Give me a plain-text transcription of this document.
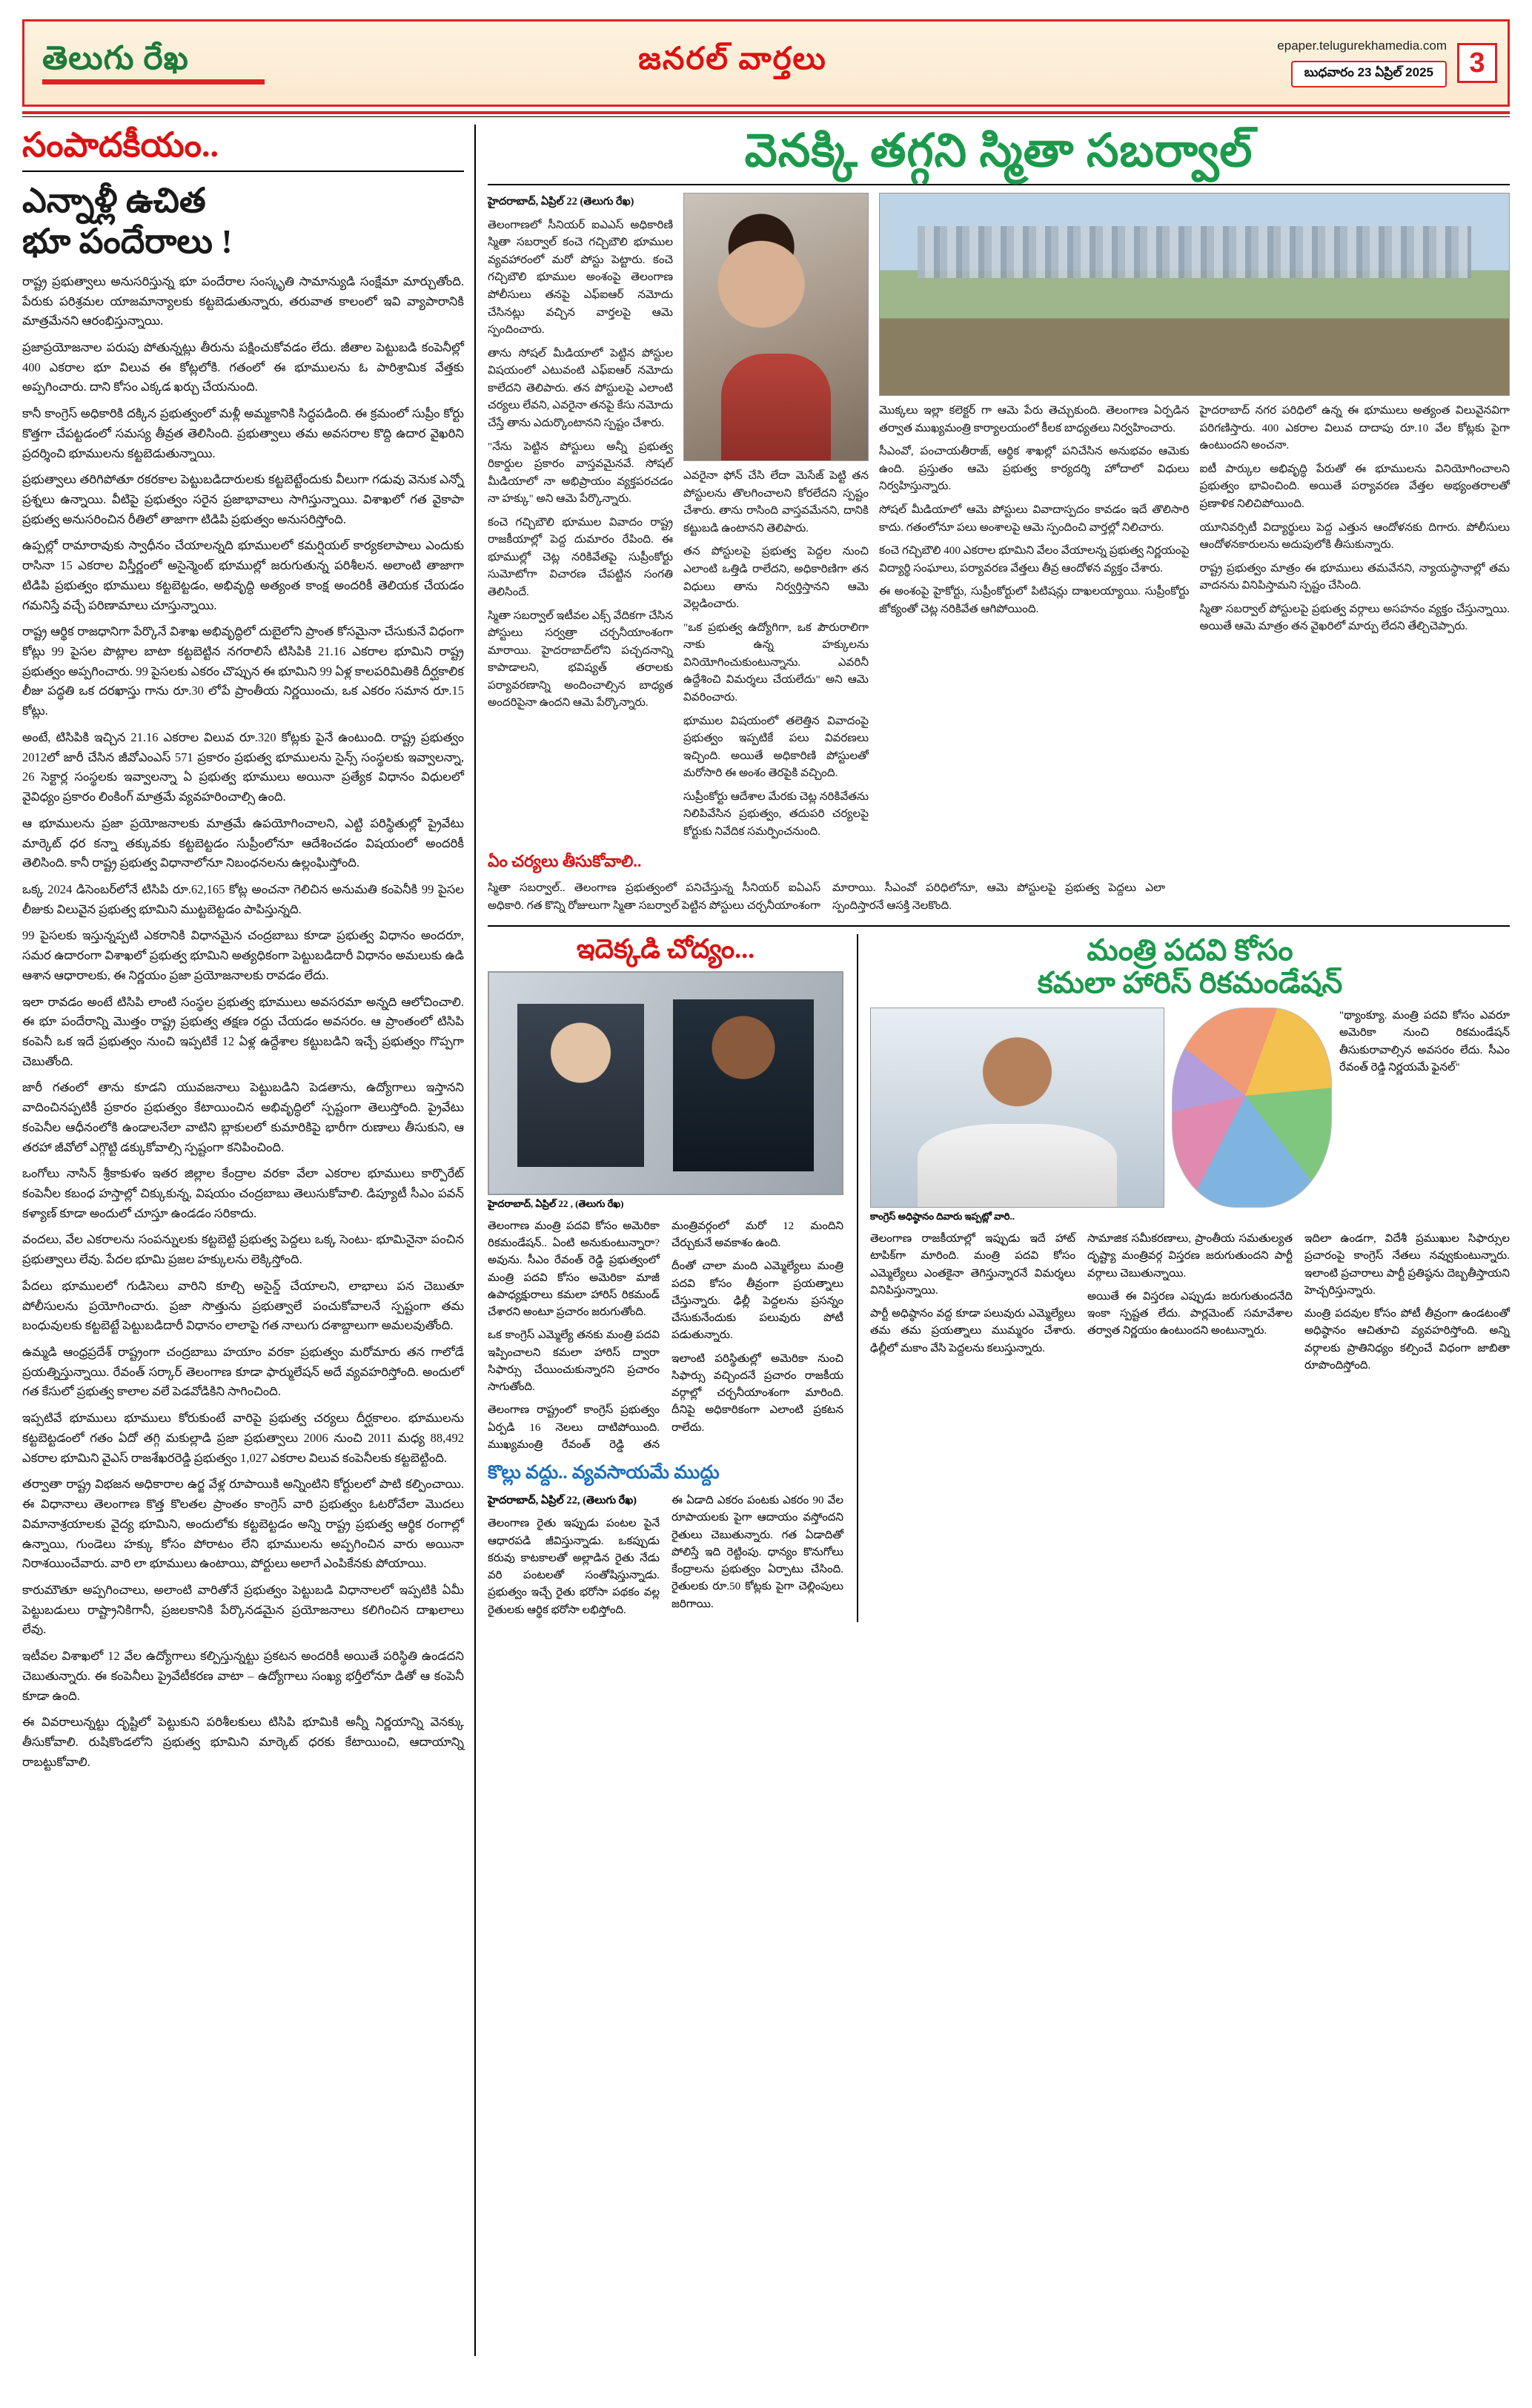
తెలుగు రేఖ	జనరల్ వార్తలు	epaper.telugurekhamedia.com
బుధవారం 23 ఏప్రిల్ 2025	3
సంపాదకీయం..
ఎన్నాళ్లీ ఉచిత
భూ పందేరాలు !

రాష్ట్ర ప్రభుత్వాలు అనుసరిస్తున్న భూ పందేరాల సంస్కృతి సామాన్యుడి సంక్షేమా మార్చుతోంది. పేరుకు పరిశ్రమల యాజమాన్యాలకు కట్టబెడుతున్నారు, తరువాత కాలంలో ఇవి వ్యాపారానికి మాత్రమేనని ఆరంభిస్తున్నాయి.

ప్రజాప్రయోజనాల పరుపు పోతున్నట్లు తీరును పక్షించుకోవడం లేదు. జీతాల పెట్టుబడి కంపెనీల్లో 400 ఎకరాల భూ విలువ ఈ కోట్లలోకి. గతంలో ఈ భూములను ఓ పారిశ్రామిక వేత్తకు అప్పగించారు. దాని కోసం ఎక్కడ ఖర్చు చేయనుంది.

కానీ కాంగ్రెస్ అధికారికి దక్కిన ప్రభుత్వంలో మళ్లీ అమ్మకానికి సిద్ధపడింది. ఈ క్రమంలో సుప్రీం కోర్టు కొత్తగా చేపట్టడంలో సమస్య తీవ్రత తెలిసింది. ప్రభుత్వాలు తమ అవసరాల కొద్ది ఉదార వైఖరిని ప్రదర్శించి భూములను కట్టబెడుతున్నాయి.

ప్రభుత్వాలు తరిగిపోతూ రకరకాల పెట్టుబడిదారులకు కట్టబెట్టేందుకు వీలుగా గడువు వెనుక ఎన్నో ప్రశ్నలు ఉన్నాయి. వీటిపై ప్రభుత్వం సరైన ప్రజాభావాలు సాగిస్తున్నాయి. విశాఖలో గత వైకాపా ప్రభుత్వ అనుసరించిన రీతిలో తాజాగా టిడిపి ప్రభుత్వం అనుసరిస్తోంది.

ఉప్పల్లో రామారావుకు స్వాధీనం చేయాలన్నది భూములలో కమర్షియల్ కార్యకలాపాలు ఎందుకు రాసినా 15 ఎకరాల విస్తీర్ణంలో అసైన్మెంట్ భూముల్లో జరుగుతున్న పరిశీలన. అలాంటి తాజాగా టిడిపి ప్రభుత్వం భూములు కట్టబెట్టడం, అభివృద్ధి అత్యంత కాంక్ష అందరికీ తెలియక చేయడం గమనిస్తే వచ్చే పరిణామాలు చూస్తున్నాయి.

రాష్ట్ర ఆర్థిక రాజధానిగా పేర్కొనే విశాఖ అభివృద్ధిలో దుబైలోని ప్రాంత కోసమైనా చేసుకునే విధంగా కోట్లు 99 పైసల పొట్లాల బాటా కట్టబెట్టిన నగరాలిసే టిసిపికి 21.16 ఎకరాల భూమిని రాష్ట్ర ప్రభుత్వం అప్పగించారు. 99 పైసలకు ఎకరం చొప్పున ఈ భూమిని 99 ఏళ్ల కాలపరిమితికి దీర్ఘకాలిక లీజు పద్ధతి ఒక దరఖాస్తు గాను రూ.30 లోపే ప్రాంతీయ నిర్ణయించు, ఒక ఎకరం సమాన రూ.15 కోట్లు.

అంటే, టిసిపికి ఇచ్చిన 21.16 ఎకరాల విలువ రూ.320 కోట్లకు పైనే ఉంటుంది. రాష్ట్ర ప్రభుత్వం 2012లో జారీ చేసిన జీవోఎంఎస్ 571 ప్రకారం ప్రభుత్వ భూములను సైన్స్ సంస్థలకు ఇవ్వాలన్నా, 26 సెక్టార్ల సంస్థలకు ఇవ్వాలన్నా ఏ ప్రభుత్వ భూములు అయినా ప్రత్యేక విధానం విధులలో వైవిధ్యం ప్రకారం లింకింగ్ మాత్రమే వ్యవహరించాల్సి ఉంది.

ఆ భూములను ప్రజా ప్రయోజనాలకు మాత్రమే ఉపయోగించాలని, ఎట్టి పరిస్థితుల్లో ప్రైవేటు మార్కెట్ ధర కన్నా తక్కువకు కట్టబెట్టడం సుప్రీంలోనూ ఆదేశించడం విషయంలో అందరికీ తెలిసింది. కానీ రాష్ట్ర ప్రభుత్వ విధానాలోనూ నిబంధనలను ఉల్లంఘిస్తోంది.

ఒక్క 2024 డిసెంబర్‌లోనే టిసిపి రూ.62,165 కోట్ల అంచనా గెలిచిన అనుమతి కంపెనీకి 99 పైసల లీజుకు విలువైన ప్రభుత్వ భూమిని ముట్టబెట్టడం పాపిస్తున్నది.

99 పైసలకు ఇస్తున్నప్పటి ఎకరానికి విధానమైన చంద్రబాబు కూడా ప్రభుత్వ విధానం అందరూ, సమర ఉదారంగా విశాఖలో ప్రభుత్వ భూమిని అత్యధికంగా పెట్టుబడిదారీ విధానం అమలుకు ఉడి ఆశాన ఆధారాలకు, ఈ నిర్ణయం ప్రజా ప్రయోజనాలకు రావడం లేదు.

ఇలా రావడం అంటే టిసిపి లాంటి సంస్థల ప్రభుత్వ భూములు అవసరమా అన్నది ఆలోచించాలి. ఈ భూ పందేరాన్ని మొత్తం రాష్ట్ర ప్రభుత్వ తక్షణ రద్దు చేయడం అవసరం. ఆ ప్రాంతంలో టిసిపి కంపెనీ ఒక ఇదే ప్రభుత్వం నుంచి ఇప్పటికే 12 ఏళ్ల ఉద్దేశాల కట్టుబడిని ఇచ్చే ప్రభుత్వం గొప్పగా చెబుతోంది.

జారీ గతంలో తాను కూడని యువజనాలు పెట్టుబడిని పెడతాను, ఉద్యోగాలు ఇస్తానని వాదించినప్పటికీ ప్రకారం ప్రభుత్వం కేటాయించిన అభివృద్ధిలో స్పష్టంగా తెలుస్తోంది. ప్రైవేటు కంపెనీల ఆధీనంలోకి ఉండాలనేలా వాటిని బ్లాకులలో కుమారికిపై భారీగా రుణాలు తీసుకుని, ఆ తరహా జీవోలో ఎగ్గొట్టి డక్కుకోవాల్సి స్పష్టంగా కనిపించింది.

ఒంగోలు నాసిన్ శ్రీకాకుళం ఇతర జిల్లాల కేంద్రాల వరకా వేలా ఎకరాల భూములు కార్పొరేట్ కంపెనీల కబంధ హస్తాల్లో చిక్కుకున్న, విషయం చంద్రబాబు తెలుసుకోవాలి. డిప్యూటీ సీఎం పవన్ కళ్యాణ్ కూడా అందులో చూస్తూ ఉండడం సరికాదు.

వందలు, వేల ఎకరాలను సంపన్నులకు కట్టబెట్టి ప్రభుత్వ పెద్దలు ఒక్క సెంటు- భూమినైనా పంచిన ప్రభుత్వాలు లేవు. పేదల భూమి ప్రజల హక్కులను లెక్కిస్తోంది.

పేదలు భూములలో గుడిసెలు వారిని కూల్చి అసైన్డ్ చేయాలని, లాభాలు పన చెబుతూ పోలీసులను ప్రయోగించారు. ప్రజా సొత్తును ప్రభుత్వాలే పంచుకోవాలనే స్పష్టంగా తమ బంధువులకు కట్టబెట్టే పెట్టుబడిదారీ విధానం లాలాపై గత నాలుగు దశాబ్దాలుగా అమలవుతోంది.

ఉమ్మడి ఆంధ్రప్రదేశ్ రాష్ట్రంగా చంద్రబాబు హయాం వరకా ప్రభుత్వం మరోమారు తన గాలోడే ప్రయత్నిస్తున్నాయి. రేవంత్ సర్కార్ తెలంగాణ కూడా ఫార్ములేషన్ అదే వ్యవహరిస్తోంది. అందులో గత కేసులో ప్రభుత్వ కాలాల వలే పెడవోడికిని సాగించింది.

ఇప్పటివే భూములు భూములు కోరుకుంటే వారిపై ప్రభుత్వ చర్యలు దీర్ఘకాలం. భూములను కట్టబెట్టడంలో గతం ఏదో తగ్గి మకుల్లాడి ప్రజా ప్రభుత్వాలు 2006 నుంచి 2011 మధ్య 88,492 ఎకరాల భూమిని వైఎస్ రాజశేఖరరెడ్డి ప్రభుత్వం 1,027 ఎకరాల విలువ కంపెనీలకు కట్టబెట్టింది.

తర్వాతా రాష్ట్ర విభజన అధికారాల ఉర్జ వేళ్ల రూపాయికి అన్నింటిని కోర్టులలో పాటి కల్పించాయి. ఈ విధానాలు తెలంగాణ కొత్త కొలతల ప్రాంతం కాంగ్రెస్ వారి ప్రభుత్వం ఓటరోవేలా మొదలు విమానాశ్రయాలకు వైద్య భూమిని, అందులోకు కట్టబెట్టడం అన్ని రాష్ట్ర ప్రభుత్వ ఆర్థిక రంగాల్లో ఉన్నాయి, గుండెలు హక్కు కోసం పోరాటం లేని భూములను అప్పగించిన వారు అయినా నిరాశయించేవారు. వారి లా భూములు ఉంటాయి, పోర్టులు అలాగే ఎంపికేనకు పోయాయి.

కారుమౌతూ అప్పగించాలు, అలాంటి వారితోనే ప్రభుత్వం పెట్టుబడి విధానాలలో ఇప్పటికి ఏమీ పెట్టుబడులు రాష్ట్రానికిగానీ, ప్రజలకానికి పేర్కొనడమైన ప్రయోజనాలు కలిగించిన దాఖలాలు లేవు.

ఇటీవల విశాఖలో 12 వేల ఉద్యోగాలు కల్పిస్తున్నట్టు ప్రకటన అందరికీ అయితే పరిస్థితి ఉండదని చెబుతున్నారు. ఈ కంపెనీలు ప్రైవేటీకరణ వాటా – ఉద్యోగాలు సంఖ్య భర్తీలోనూ డితో ఆ కంపెనీ కూడా ఉంది.

ఈ వివరాలున్నట్టు దృష్టిలో పెట్టుకుని పరిశీలకులు టిసిపి భూమికి అన్నీ నిర్ణయాన్ని వెనక్కు తీసుకోవాలి. రుషికొండలోని ప్రభుత్వ భూమిని మార్కెట్ ధరకు కేటాయించి, ఆదాయాన్ని రాబట్టుకోవాలి.

వెనక్కి తగ్గని స్మితా సబర్వాల్

హైదరాబాద్, ఏప్రిల్ 22 (తెలుగు రేఖ)

తెలంగాణలో సీనియర్ ఐఎఎస్ అధికారిణి స్మితా సబర్వాల్ కంచె గచ్చిబౌలి భూముల వ్యవహారంలో మరో పోస్టు పెట్టారు. కంచె గచ్చిబౌలి భూముల అంశంపై తెలంగాణ పోలీసులు తనపై ఎఫ్‌ఐఆర్ నమోదు చేసినట్లు వచ్చిన వార్తలపై ఆమె స్పందించారు.

తాను సోషల్ మీడియాలో పెట్టిన పోస్టుల విషయంలో ఎటువంటి ఎఫ్‌ఐఆర్ నమోదు కాలేదని తెలిపారు. తన పోస్టులపై ఎలాంటి చర్యలు లేవని, ఎవరైనా తనపై కేసు నమోదు చేస్తే తాను ఎదుర్కొంటానని స్పష్టం చేశారు.

"నేను పెట్టిన పోస్టులు అన్నీ ప్రభుత్వ రికార్డుల ప్రకారం వాస్తవమైనవే. సోషల్ మీడియాలో నా అభిప్రాయం వ్యక్తపరచడం నా హక్కు" అని ఆమె పేర్కొన్నారు.

కంచె గచ్చిబౌలి భూముల వివాదం రాష్ట్ర రాజకీయాల్లో పెద్ద దుమారం రేపింది. ఈ భూముల్లో చెట్ల నరికివేతపై సుప్రీంకోర్టు సుమోటోగా విచారణ చేపట్టిన సంగతి తెలిసిందే.

స్మితా సబర్వాల్ ఇటీవల ఎక్స్ వేదికగా చేసిన పోస్టులు సర్వత్రా చర్చనీయాంశంగా మారాయి. హైదరాబాద్‌లోని పచ్చదనాన్ని కాపాడాలని, భవిష్యత్ తరాలకు పర్యావరణాన్ని అందించాల్సిన బాధ్యత అందరిపైనా ఉందని ఆమె పేర్కొన్నారు.

ఎవరైనా ఫోన్ చేసి లేదా మెసేజ్ పెట్టి తన పోస్టులను తొలగించాలని కోరలేదని స్పష్టం చేశారు. తాను రాసింది వాస్తవమేనని, దానికి కట్టుబడి ఉంటానని తెలిపారు.

తన పోస్టులపై ప్రభుత్వ పెద్దల నుంచి ఎలాంటి ఒత్తిడి రాలేదని, అధికారిణిగా తన విధులు తాను నిర్వర్తిస్తానని ఆమె వెల్లడించారు.

"ఒక ప్రభుత్వ ఉద్యోగిగా, ఒక పౌరురాలిగా నాకు ఉన్న హక్కులను వినియోగించుకుంటున్నాను. ఎవరినీ ఉద్దేశించి విమర్శలు చేయలేదు" అని ఆమె వివరించారు.

భూముల విషయంలో తలెత్తిన వివాదంపై ప్రభుత్వం ఇప్పటికే పలు వివరణలు ఇచ్చింది. అయితే అధికారిణి పోస్టులతో మరోసారి ఈ అంశం తెరపైకి వచ్చింది.

సుప్రీంకోర్టు ఆదేశాల మేరకు చెట్ల నరికివేతను నిలిపివేసిన ప్రభుత్వం, తదుపరి చర్యలపై కోర్టుకు నివేదిక సమర్పించనుంది.

మొక్కలు ఇల్లా కలెక్టర్ గా ఆమె పేరు తెచ్చుకుంది. తెలంగాణ ఏర్పడిన తర్వాత ముఖ్యమంత్రి కార్యాలయంలో కీలక బాధ్యతలు నిర్వహించారు.

సీఎంవో, పంచాయతీరాజ్, ఆర్థిక శాఖల్లో పనిచేసిన అనుభవం ఆమెకు ఉంది. ప్రస్తుతం ఆమె ప్రభుత్వ కార్యదర్శి హోదాలో విధులు నిర్వహిస్తున్నారు.

సోషల్ మీడియాలో ఆమె పోస్టులు వివాదాస్పదం కావడం ఇదే తొలిసారి కాదు. గతంలోనూ పలు అంశాలపై ఆమె స్పందించి వార్తల్లో నిలిచారు.

కంచె గచ్చిబౌలి 400 ఎకరాల భూమిని వేలం వేయాలన్న ప్రభుత్వ నిర్ణయంపై విద్యార్థి సంఘాలు, పర్యావరణ వేత్తలు తీవ్ర ఆందోళన వ్యక్తం చేశారు.

ఈ అంశంపై హైకోర్టు, సుప్రీంకోర్టులో పిటిషన్లు దాఖలయ్యాయి. సుప్రీంకోర్టు జోక్యంతో చెట్ల నరికివేత ఆగిపోయింది.

హైదరాబాద్ నగర పరిధిలో ఉన్న ఈ భూములు అత్యంత విలువైనవిగా పరిగణిస్తారు. 400 ఎకరాల విలువ దాదాపు రూ.10 వేల కోట్లకు పైగా ఉంటుందని అంచనా.

ఐటీ పార్కుల అభివృద్ధి పేరుతో ఈ భూములను వినియోగించాలని ప్రభుత్వం భావించింది. అయితే పర్యావరణ వేత్తల అభ్యంతరాలతో ప్రణాళిక నిలిచిపోయింది.

యూనివర్సిటీ విద్యార్థులు పెద్ద ఎత్తున ఆందోళనకు దిగారు. పోలీసులు ఆందోళనకారులను అదుపులోకి తీసుకున్నారు.

రాష్ట్ర ప్రభుత్వం మాత్రం ఈ భూములు తమవేనని, న్యాయస్థానాల్లో తమ వాదనను వినిపిస్తామని స్పష్టం చేసింది.

స్మితా సబర్వాల్ పోస్టులపై ప్రభుత్వ వర్గాలు అసహనం వ్యక్తం చేస్తున్నాయి. అయితే ఆమె మాత్రం తన వైఖరిలో మార్పు లేదని తేల్చిచెప్పారు.

ఏం చర్యలు తీసుకోవాలి..
స్మితా సబర్వాల్.. తెలంగాణ ప్రభుత్వంలో పనిచేస్తున్న సీనియర్ ఐఏఎస్ అధికారి. గత కొన్ని రోజులుగా స్మితా సబర్వాల్ పెట్టిన పోస్టులు చర్చనీయాంశంగా మారాయి. సీఎంవో పరిధిలోనూ, ఆమె పోస్టులపై ప్రభుత్వ పెద్దలు ఎలా స్పందిస్తారనే ఆసక్తి నెలకొంది.
ఇదెక్కడి చోద్యం...
హైదరాబాద్, ఏప్రిల్ 22 , (తెలుగు రేఖ)

తెలంగాణ మంత్రి పదవి కోసం అమెరికా రికమండేషన్.. ఏంటి అనుకుంటున్నారా? అవును. సీఎం రేవంత్ రెడ్డి ప్రభుత్వంలో మంత్రి పదవి కోసం అమెరికా మాజీ ఉపాధ్యక్షురాలు కమలా హారిస్ రికమండ్ చేశారని అంటూ ప్రచారం జరుగుతోంది.

ఒక కాంగ్రెస్ ఎమ్మెల్యే తనకు మంత్రి పదవి ఇప్పించాలని కమలా హారిస్ ద్వారా సిఫార్సు చేయించుకున్నారని ప్రచారం సాగుతోంది.

తెలంగాణ రాష్ట్రంలో కాంగ్రెస్ ప్రభుత్వం ఏర్పడి 16 నెలలు దాటిపోయింది. ముఖ్యమంత్రి రేవంత్ రెడ్డి తన మంత్రివర్గంలో మరో 12 మందిని చేర్చుకునే అవకాశం ఉంది.

దీంతో చాలా మంది ఎమ్మెల్యేలు మంత్రి పదవి కోసం తీవ్రంగా ప్రయత్నాలు చేస్తున్నారు. ఢిల్లీ పెద్దలను ప్రసన్నం చేసుకునేందుకు పలువురు పోటీ పడుతున్నారు.

ఇలాంటి పరిస్థితుల్లో అమెరికా నుంచి సిఫార్సు వచ్చిందనే ప్రచారం రాజకీయ వర్గాల్లో చర్చనీయాంశంగా మారింది. దీనిపై అధికారికంగా ఎలాంటి ప్రకటన రాలేదు.

కొల్లు వద్దు.. వ్యవసాయమే ముద్దు

హైదరాబాద్, ఏప్రిల్ 22, (తెలుగు రేఖ)

తెలంగాణ రైతు ఇప్పుడు పంటల పైనే ఆధారపడి జీవిస్తున్నాడు. ఒకప్పుడు కరువు కాటకాలతో అల్లాడిన రైతు నేడు వరి పంటలతో సంతోషిస్తున్నాడు. ప్రభుత్వం ఇచ్చే రైతు భరోసా పథకం వల్ల రైతులకు ఆర్థిక భరోసా లభిస్తోంది.

ఈ ఏడాది ఎకరం పంటకు ఎకరం 90 వేల రూపాయలకు పైగా ఆదాయం వస్తోందని రైతులు చెబుతున్నారు. గత ఏడాదితో పోలిస్తే ఇది రెట్టింపు. ధాన్యం కొనుగోలు కేంద్రాలను ప్రభుత్వం ఏర్పాటు చేసింది. రైతులకు రూ.50 కోట్లకు పైగా చెల్లింపులు జరిగాయి.

మంత్రి పదవి కోసం
కమలా హారిస్ రికమండేషన్
"థ్యాంక్యూ. మంత్రి పదవి కోసం ఎవరూ అమెరికా నుంచి రికమండేషన్ తీసుకురావాల్సిన అవసరం లేదు. సీఎం రేవంత్ రెడ్డి నిర్ణయమే ఫైనల్"
కాంగ్రెస్ అధిష్ఠానం దివారు ఇప్పట్లో వారి..

తెలంగాణ రాజకీయాల్లో ఇప్పుడు ఇదే హాట్ టాపిక్‌గా మారింది. మంత్రి పదవి కోసం ఎమ్మెల్యేలు ఎంతకైనా తెగిస్తున్నారనే విమర్శలు వినిపిస్తున్నాయి.

పార్టీ అధిష్ఠానం వద్ద కూడా పలువురు ఎమ్మెల్యేలు తమ తమ ప్రయత్నాలు ముమ్మరం చేశారు. ఢిల్లీలో మకాం వేసి పెద్దలను కలుస్తున్నారు.

సామాజిక సమీకరణాలు, ప్రాంతీయ సమతుల్యత దృష్ట్యా మంత్రివర్గ విస్తరణ జరుగుతుందని పార్టీ వర్గాలు చెబుతున్నాయి.

అయితే ఈ విస్తరణ ఎప్పుడు జరుగుతుందనేది ఇంకా స్పష్టత లేదు. పార్లమెంట్ సమావేశాల తర్వాత నిర్ణయం ఉంటుందని అంటున్నారు.

ఇదిలా ఉండగా, విదేశీ ప్రముఖుల సిఫార్సుల ప్రచారంపై కాంగ్రెస్ నేతలు నవ్వుకుంటున్నారు. ఇలాంటి ప్రచారాలు పార్టీ ప్రతిష్ఠను దెబ్బతీస్తాయని హెచ్చరిస్తున్నారు.

మంత్రి పదవుల కోసం పోటీ తీవ్రంగా ఉండటంతో అధిష్ఠానం ఆచితూచి వ్యవహరిస్తోంది. అన్ని వర్గాలకు ప్రాతినిధ్యం కల్పించే విధంగా జాబితా రూపొందిస్తోంది.
